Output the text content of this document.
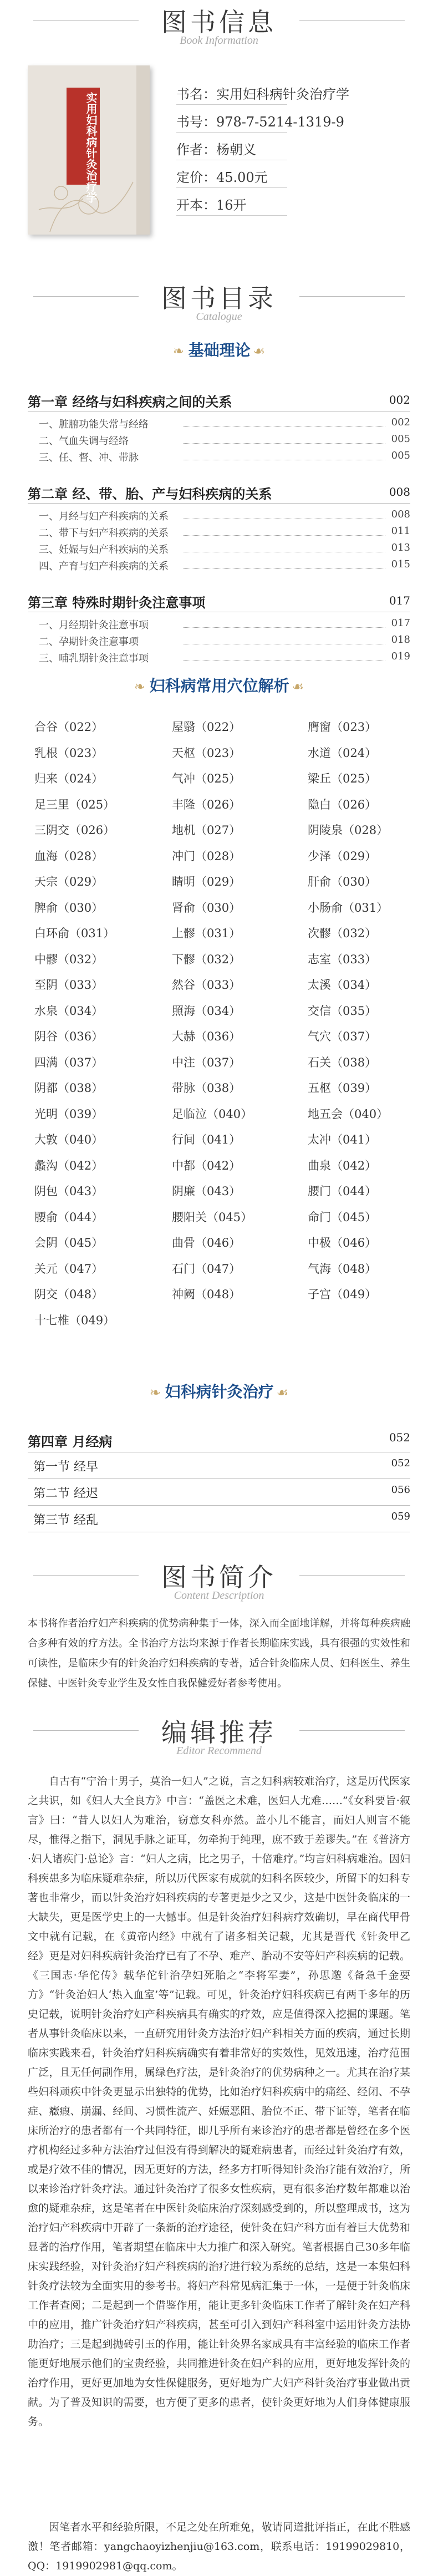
图书信息
Book Information
实用妇科病针灸治疗学	书名：实用妇科病针灸治疗学
书号：978-7-5214-1319-9
作者：杨朝义
定价：45.00元
开本：16开
图书目录
Catalogue
❧ 基础理论 ☙
第一章 经络与妇科疾病之间的关系	002
一、脏腑功能失常与经络	002
二、气血失调与经络	005
三、任、督、冲、带脉	005
第二章 经、带、胎、产与妇科疾病的关系	008
一、月经与妇产科疾病的关系	008
二、带下与妇产科疾病的关系	011
三、妊娠与妇产科疾病的关系	013
四、产育与妇产科疾病的关系	015
第三章 特殊时期针灸注意事项	017
一、月经期针灸注意事项	017
二、孕期针灸注意事项	018
三、哺乳期针灸注意事项	019
❧ 妇科病常用穴位解析 ☙
合谷（022）	屋翳（022）	膺窗（023）
乳根（023）	天枢（023）	水道（024）
归来（024）	气冲（025）	梁丘（025）
足三里（025）	丰隆（026）	隐白（026）
三阴交（026）	地机（027）	阴陵泉（028）
血海（028）	冲门（028）	少泽（029）
天宗（029）	睛明（029）	肝俞（030）
脾俞（030）	肾俞（030）	小肠俞（031）
白环俞（031）	上髎（031）	次髎（032）
中髎（032）	下髎（032）	志室（033）
至阴（033）	然谷（033）	太溪（034）
水泉（034）	照海（034）	交信（035）
阴谷（036）	大赫（036）	气穴（037）
四满（037）	中注（037）	石关（038）
阴都（038）	带脉（038）	五枢（039）
光明（039）	足临泣（040）	地五会（040）
大敦（040）	行间（041）	太冲（041）
蠡沟（042）	中都（042）	曲泉（042）
阴包（043）	阴廉（043）	腰门（044）
腰俞（044）	腰阳关（045）	命门（045）
会阴（045）	曲骨（046）	中极（046）
关元（047）	石门（047）	气海（048）
阴交（048）	神阙（048）	子宫（049）
十七椎（049）
❧ 妇科病针灸治疗 ☙
第四章 月经病	052
第一节 经早	052
第二节 经迟	056
第三节 经乱	059
图书简介
Content Description
本书将作者治疗妇产科疾病的优势病种集于一体，深入而全面地详解，并将每种疾病融合多种有效的疗方法。全书治疗方法均来源于作者长期临床实践，具有很强的实效性和可读性，是临床少有的针灸治疗妇科疾病的专著，适合针灸临床人员、妇科医生、养生保健、中医针灸专业学生及女性自我保健爱好者参考使用。
编辑推荐
Editor Recommend
自古有“宁治十男子，莫治一妇人”之说，言之妇科病较难治疗，这是历代医家之共识，如《妇人大全良方》中言：“盖医之术难，医妇人尤难……”《女科要旨·叙言》曰：“昔人以妇人为难治，窃意女科亦然。盖小儿不能言，而妇人则言不能尽，惟得之指下，洞见手脉之证耳，勿牵拘于纯理，庶不致于差谬失。”在《普济方·妇人诸疾门·总论》言：“妇人之病，比之男子，十倍难疗。”均言妇科病难治。因妇科疾患多为临床疑难杂症，所以历代医家有成就的妇科名医较少，所留下的妇科专著也非常少，而以针灸治疗妇科疾病的专著更是少之又少，这是中医针灸临床的一大缺失，更是医学史上的一大憾事。但是针灸治疗妇科病疗效确切，早在商代甲骨文中就有记载，在《黄帝内经》中就有了诸多相关记载，尤其是晋代《针灸甲乙经》更是对妇科疾病针灸治疗已有了不孕、难产、胎动不安等妇产科疾病的记载。《三国志·华佗传》载华佗针治孕妇死胎之“李将军妻”，孙思邈《备急千金要方》“针灸治妇人‘热入血室’等”记载。可见，针灸治疗妇科疾病已有两千多年的历史记载，说明针灸治疗妇产科疾病具有确实的疗效，应是值得深入挖掘的课题。笔者从事针灸临床以来，一直研究用针灸方法治疗妇产科相关方面的疾病，通过长期临床实践来看，针灸治疗妇科疾病确实有着非常好的实效性，见效迅速，治疗范围广泛，且无任何副作用，属绿色疗法，是针灸治疗的优势病种之一。尤其在治疗某些妇科顽疾中针灸更显示出独特的优势，比如治疗妇科疾病中的痛经、经闭、不孕症、癥瘕、崩漏、经间、习惯性流产、妊娠恶阻、胎位不正、带下证等，笔者在临床所治疗的患者都有一个共同特征，即几乎所有来诊治疗的患者都是曾经在多个医疗机构经过多种方法治疗过但没有得到解决的疑难病患者，而经过针灸治疗有效，或是疗效不佳的情况，因无更好的方法，经多方打听得知针灸治疗能有效治疗，所以来诊治疗针灸疗法。通过针灸治疗了很多女性疾病，更有很多治疗数年都难以治愈的疑难杂症，这是笔者在中医针灸临床治疗深刻感受到的，所以整理成书，这为治疗妇产科疾病中开辟了一条新的治疗途径，使针灸在妇产科方面有着巨大优势和显著的治疗作用，笔者期望在临床中大力推广和深入研究。笔者根据自己30多年临床实践经验，对针灸治疗妇产科疾病的治疗进行较为系统的总结，这是一本集妇科针灸疗法较为全面实用的参考书。将妇产科常见病汇集于一体，一是便于针灸临床工作者查阅；二是起到一个借鉴作用，能让更多针灸临床工作者了解针灸在妇产科中的应用，推广针灸治疗妇产科疾病，甚至可引入到妇产科科室中运用针灸方法协助治疗；三是起到抛砖引玉的作用，能让针灸界名家成具有丰富经验的临床工作者能更好地展示他们的宝贵经验，共同推进针灸在妇产科的应用，更好地发挥针灸的治疗作用，更好更加地为女性保健服务，更好地为广大妇产科针灸治疗事业做出贡献。为了普及知识的需要，也方便了更多的患者，使针灸更好地为人们身体健康服务。
因笔者水平和经验所限，不足之处在所难免，敬请同道批评指正，在此不胜感激！笔者邮箱：yangchaoyizhenjiu@163.com，联系电话：19199029810，QQ：1919902981@qq.com。
